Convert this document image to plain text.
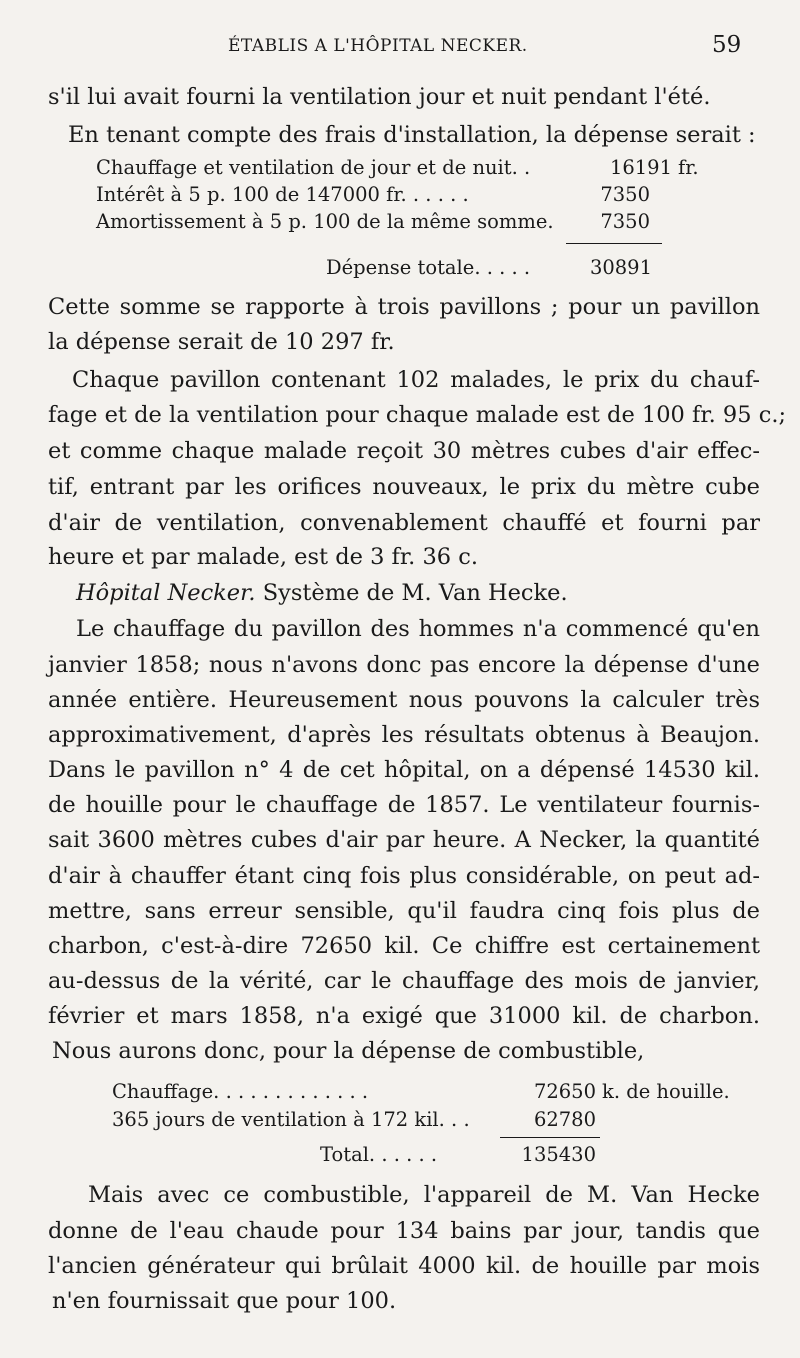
ÉTABLIS A L'HÔPITAL NECKER.	59
s'il lui avait fourni la ventilation jour et nuit pendant l'été.
En tenant compte des frais d'installation, la dépense serait :
Chauffage et ventilation de jour et de nuit. .	16191 fr.
Intérêt à 5 p. 100 de 147000 fr. . . . . .	7350
Amortissement à 5 p. 100 de la même somme.	7350
Dépense totale. . . . .	30891
Cette somme se rapporte à trois pavillons ; pour un pavillon
la dépense serait de 10 297 fr.
Chaque pavillon contenant 102 malades, le prix du chauf-
fage et de la ventilation pour chaque malade est de 100 fr. 95 c.;
et comme chaque malade reçoit 30 mètres cubes d'air effec-
tif, entrant par les orifices nouveaux, le prix du mètre cube
d'air de ventilation, convenablement chauffé et fourni par
heure et par malade, est de 3 fr. 36 c.
Hôpital Necker. Système de M. Van Hecke.
Le chauffage du pavillon des hommes n'a commencé qu'en
janvier 1858; nous n'avons donc pas encore la dépense d'une
année entière. Heureusement nous pouvons la calculer très
approximativement, d'après les résultats obtenus à Beaujon.
Dans le pavillon n° 4 de cet hôpital, on a dépensé 14530 kil.
de houille pour le chauffage de 1857. Le ventilateur fournis-
sait 3600 mètres cubes d'air par heure. A Necker, la quantité
d'air à chauffer étant cinq fois plus considérable, on peut ad-
mettre, sans erreur sensible, qu'il faudra cinq fois plus de
charbon, c'est-à-dire 72650 kil. Ce chiffre est certainement
au-dessus de la vérité, car le chauffage des mois de janvier,
février et mars 1858, n'a exigé que 31000 kil. de charbon.
Nous aurons donc, pour la dépense de combustible,
Chauffage. . . . . . . . . . . . .	72650 k. de houille.
365 jours de ventilation à 172 kil. . .	62780
Total. . . . . .	135430
Mais avec ce combustible, l'appareil de M. Van Hecke
donne de l'eau chaude pour 134 bains par jour, tandis que
l'ancien générateur qui brûlait 4000 kil. de houille par mois
n'en fournissait que pour 100.
